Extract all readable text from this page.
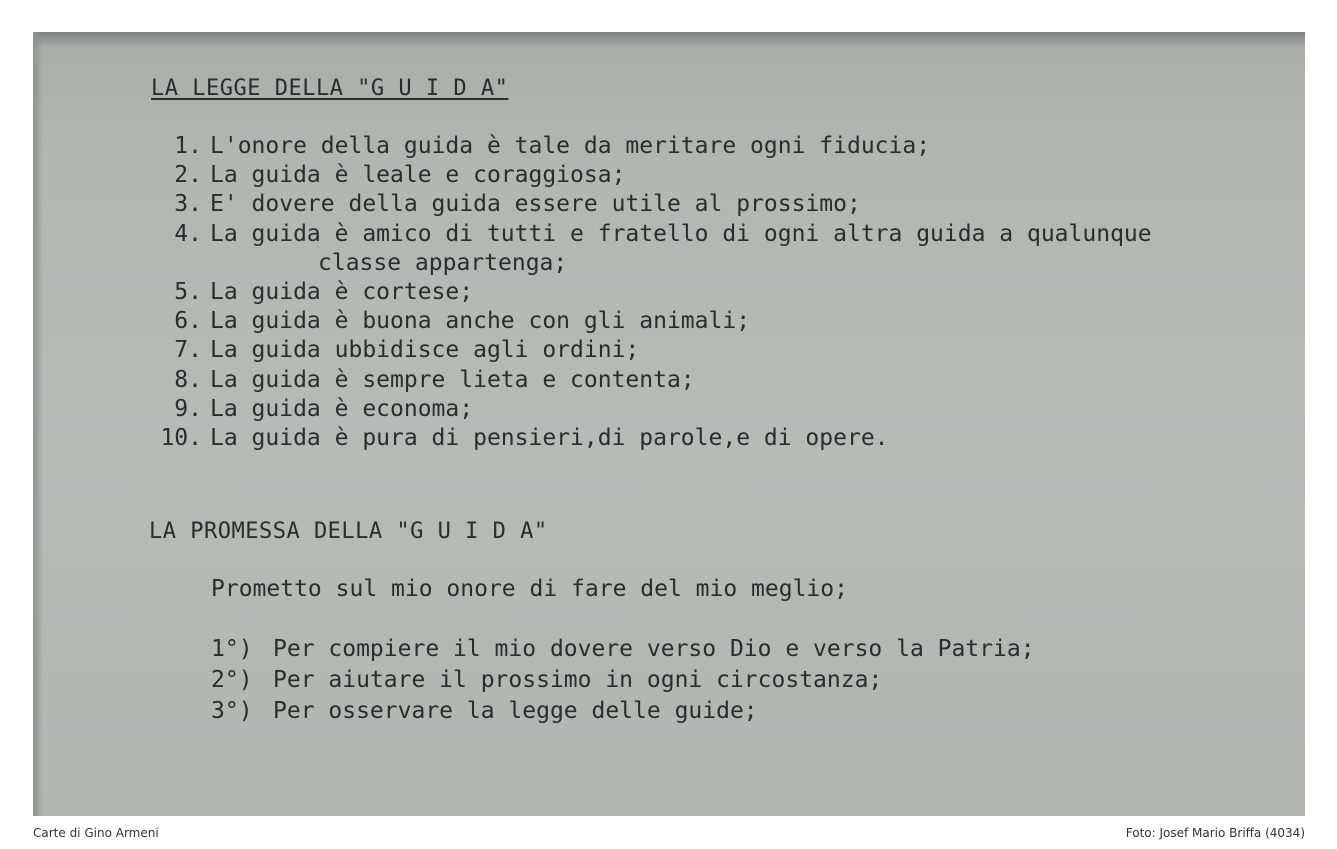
LA LEGGE DELLA "G U I D A"
1. L'onore della guida è tale da meritare ogni fiducia;
2. La guida è leale e coraggiosa;
3. E' dovere della guida essere utile al prossimo;
4. La guida è amico di tutti e fratello di ogni altra guida a qualunque
classe appartenga;
5. La guida è cortese;
6. La guida è buona anche con gli animali;
7. La guida ubbidisce agli ordini;
8. La guida è sempre lieta e contenta;
9. La guida è economa;
10. La guida è pura di pensieri,di parole,e di opere.
LA PROMESSA DELLA "G U I D A"
Prometto sul mio onore di fare del mio meglio;
1°) Per compiere il mio dovere verso Dio e verso la Patria;
2°) Per aiutare il prossimo in ogni circostanza;
3°) Per osservare la legge delle guide;
Carte di Gino Armeni	Foto: Josef Mario Briffa (4034)
